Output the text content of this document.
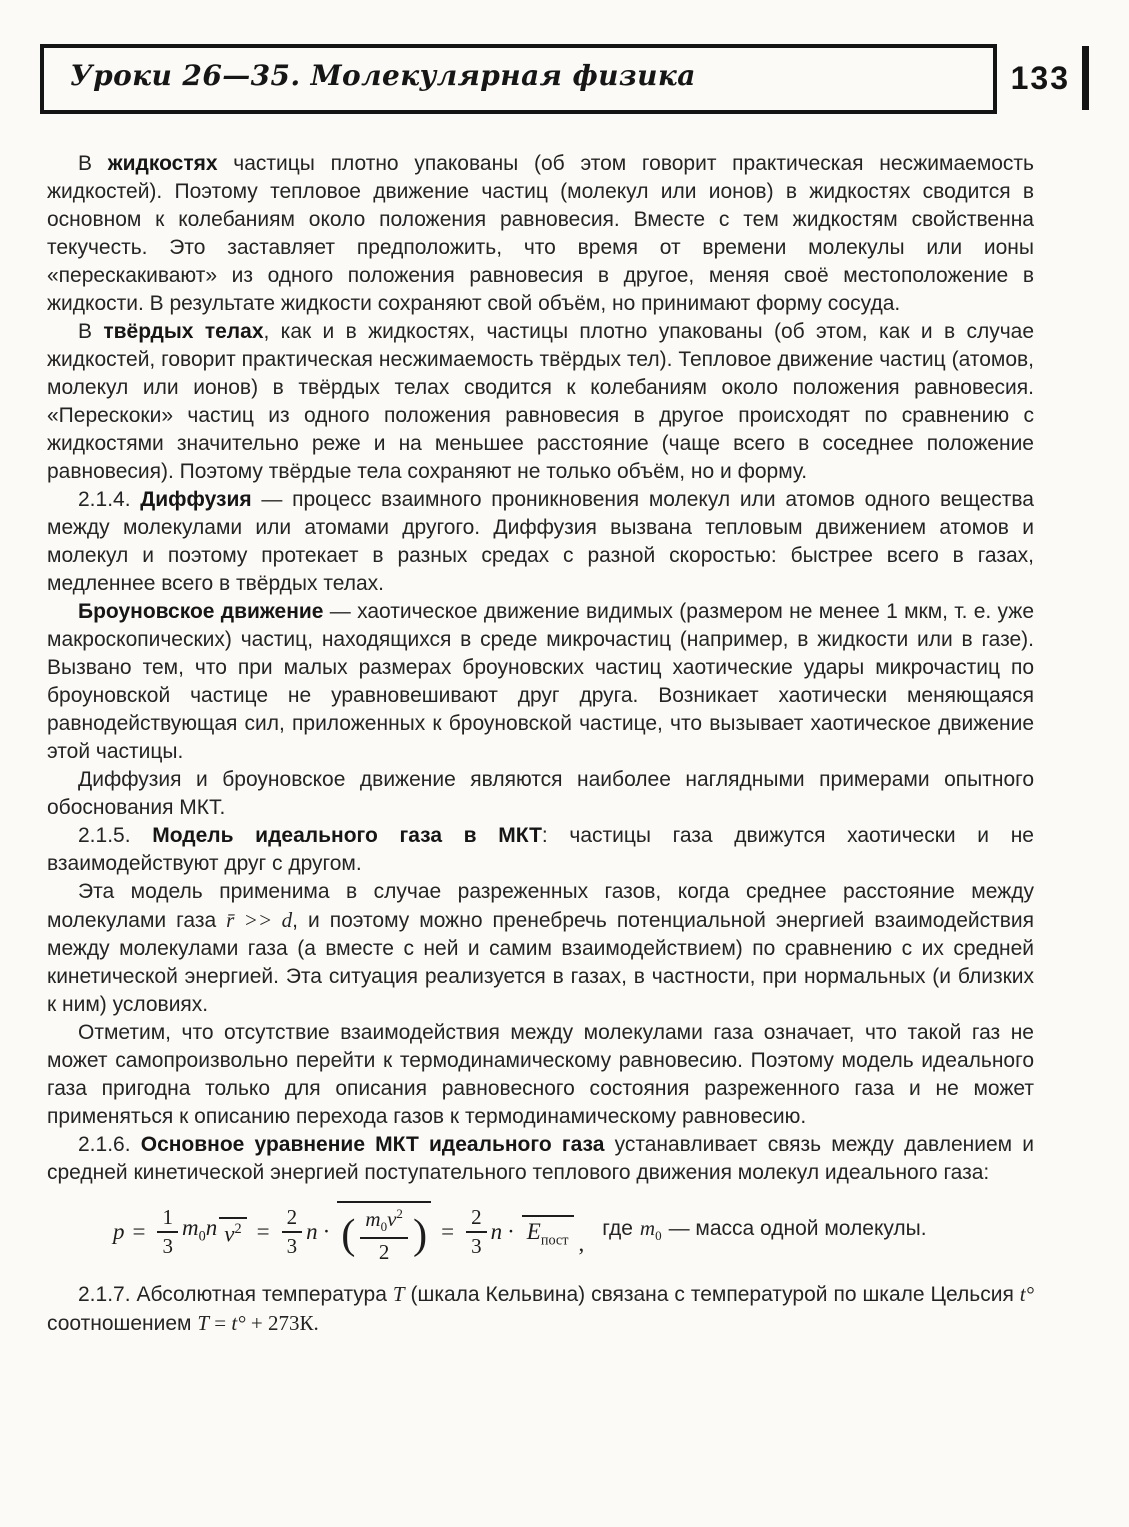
Уроки 26—35. Молекулярная физика	133

В жидкостях частицы плотно упакованы (об этом говорит практическая несжимаемость жидкостей). Поэтому тепловое движение частиц (молекул или ионов) в жидкостях сводится в основном к колебаниям около положения равновесия. Вместе с тем жидкостям свойственна текучесть. Это заставляет предположить, что время от времени молекулы или ионы «перескакивают» из одного положения равновесия в другое, меняя своё местоположение в жидкости. В результате жидкости сохраняют свой объём, но принимают форму сосуда.

В твёрдых телах, как и в жидкостях, частицы плотно упакованы (об этом, как и в случае жидкостей, говорит практическая несжимаемость твёрдых тел). Тепловое движение частиц (атомов, молекул или ионов) в твёрдых телах сводится к колебаниям около положения равновесия. «Перескоки» частиц из одного положения равновесия в другое происходят по сравнению с жидкостями значительно реже и на меньшее расстояние (чаще всего в соседнее положение равновесия). Поэтому твёрдые тела сохраняют не только объём, но и форму.

2.1.4. Диффузия — процесс взаимного проникновения молекул или атомов одного вещества между молекулами или атомами другого. Диффузия вызвана тепловым движением атомов и молекул и поэтому протекает в разных средах с разной скоростью: быстрее всего в газах, медленнее всего в твёрдых телах.

Броуновское движение — хаотическое движение видимых (размером не менее 1 мкм, т. е. уже макроскопических) частиц, находящихся в среде микрочастиц (например, в жидкости или в газе). Вызвано тем, что при малых размерах броуновских частиц хаотические удары микрочастиц по броуновской частице не уравновешивают друг друга. Возникает хаотически меняющаяся равнодействующая сил, приложенных к броуновской частице, что вызывает хаотическое движение этой частицы.

Диффузия и броуновское движение являются наиболее наглядными примерами опытного обоснования МКТ.

2.1.5. Модель идеального газа в МКТ: частицы газа движутся хаотически и не взаимодействуют друг с другом.

Эта модель применима в случае разреженных газов, когда среднее расстояние между молекулами газа r̄ >> d, и поэтому можно пренебречь потенциальной энергией взаимодействия между молекулами газа (а вместе с ней и самим взаимодействием) по сравнению с их средней кинетической энергией. Эта ситуация реализуется в газах, в частности, при нормальных (и близких к ним) условиях.

Отметим, что отсутствие взаимодействия между молекулами газа означает, что такой газ не может самопроизвольно перейти к термодинамическому равновесию. Поэтому модель идеального газа пригодна только для описания равновесного состояния разреженного газа и не может применяться к описанию перехода газов к термодинамическому равновесию.

2.1.6. Основное уравнение МКТ идеального газа устанавливает связь между давлением и средней кинетической энергией поступательного теплового движения молекул идеального газа:

$p = \frac{1}{3} m_0n$ $v^2 = \frac{2}{3}$ n · ( $\frac{m_0v^2}{2}$ ) = $\frac{2}{3}$ $n \cdot E_{пост}$ ,
где $m_0$ — масса одной молекулы.

2.1.7. Абсолютная температура T (шкала Кельвина) связана с температурой по шкале Цельсия t° соотношением T = t° + 273К.
